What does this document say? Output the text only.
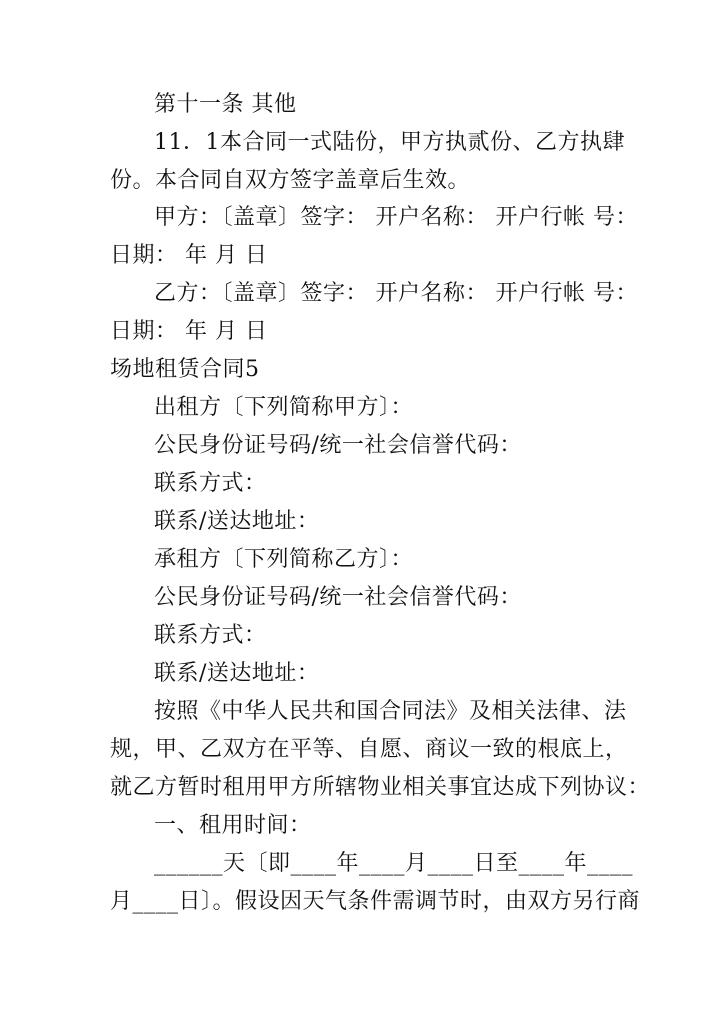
第十一条 其他
11．1本合同一式陆份，甲方执贰份、乙方执肆
份。本合同自双方签字盖章后生效。
甲方：〔盖章〕签字： 开户名称： 开户行帐 号：
日期： 年 月 日
乙方：〔盖章〕签字： 开户名称： 开户行帐 号：
日期： 年 月 日
场地租赁合同5
出租方〔下列简称甲方〕：
公民身份证号码/统一社会信誉代码：
联系方式：
联系/送达地址：
承租方〔下列简称乙方〕：
公民身份证号码/统一社会信誉代码：
联系方式：
联系/送达地址：
按照《中华人民共和国合同法》及相关法律、法
规，甲、乙双方在平等、自愿、商议一致的根底上，
就乙方暂时租用甲方所辖物业相关事宜达成下列协议：
一、租用时间：
______天〔即____年____月____日至____年____
月____日〕。假设因天气条件需调节时，由双方另行商
